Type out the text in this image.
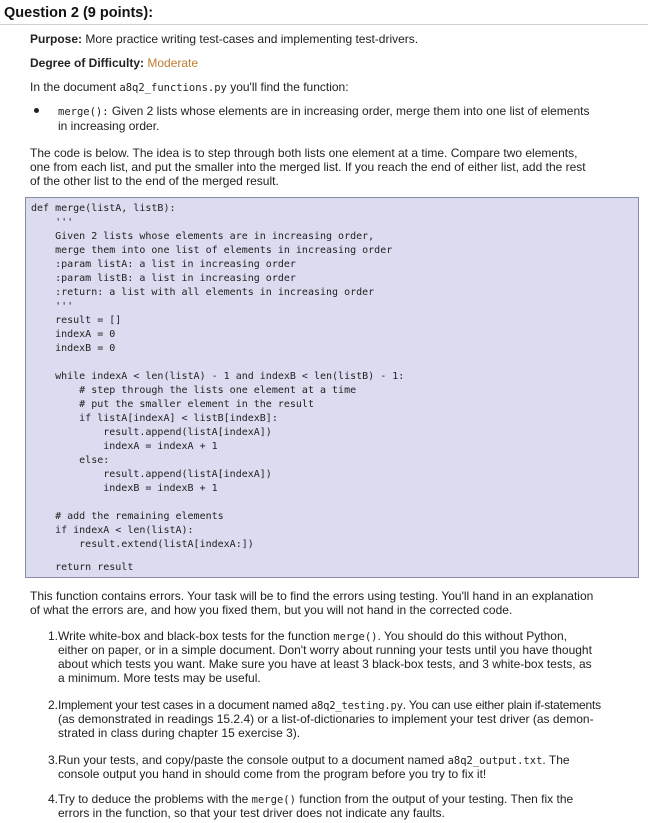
Question 2 (9 points):
Purpose: More practice writing test-cases and implementing test-drivers.
Degree of Difficulty: Moderate
In the document a8q2_functions.py you'll find the function:
merge(): Given 2 lists whose elements are in increasing order, merge them into one list of elements
in increasing order.
The code is below. The idea is to step through both lists one element at a time. Compare two elements,
one from each list, and put the smaller into the merged list. If you reach the end of either list, add the rest
of the other list to the end of the merged result.
def merge(listA, listB):
'''
Given 2 lists whose elements are in increasing order,
merge them into one list of elements in increasing order
:param listA: a list in increasing order
:param listB: a list in increasing order
:return: a list with all elements in increasing order
'''
result = []
indexA = 0
indexB = 0
while indexA < len(listA) - 1 and indexB < len(listB) - 1:
# step through the lists one element at a time
# put the smaller element in the result
if listA[indexA] < listB[indexB]:
result.append(listA[indexA])
indexA = indexA + 1
else:
result.append(listA[indexA])
indexB = indexB + 1
# add the remaining elements
if indexA < len(listA):
result.extend(listA[indexA:])
return result
This function contains errors. Your task will be to find the errors using testing. You'll hand in an explanation
of what the errors are, and how you fixed them, but you will not hand in the corrected code.
1. Write white-box and black-box tests for the function merge(). You should do this without Python,
either on paper, or in a simple document. Don't worry about running your tests until you have thought
about which tests you want. Make sure you have at least 3 black-box tests, and 3 white-box tests, as
a minimum. More tests may be useful.
2. Implement your test cases in a document named a8q2_testing.py. You can use either plain if-statements
(as demonstrated in readings 15.2.4) or a list-of-dictionaries to implement your test driver (as demon-
strated in class during chapter 15 exercise 3).
3. Run your tests, and copy/paste the console output to a document named a8q2_output.txt. The
console output you hand in should come from the program before you try to fix it!
4. Try to deduce the problems with the merge() function from the output of your testing. Then fix the
errors in the function, so that your test driver does not indicate any faults.
